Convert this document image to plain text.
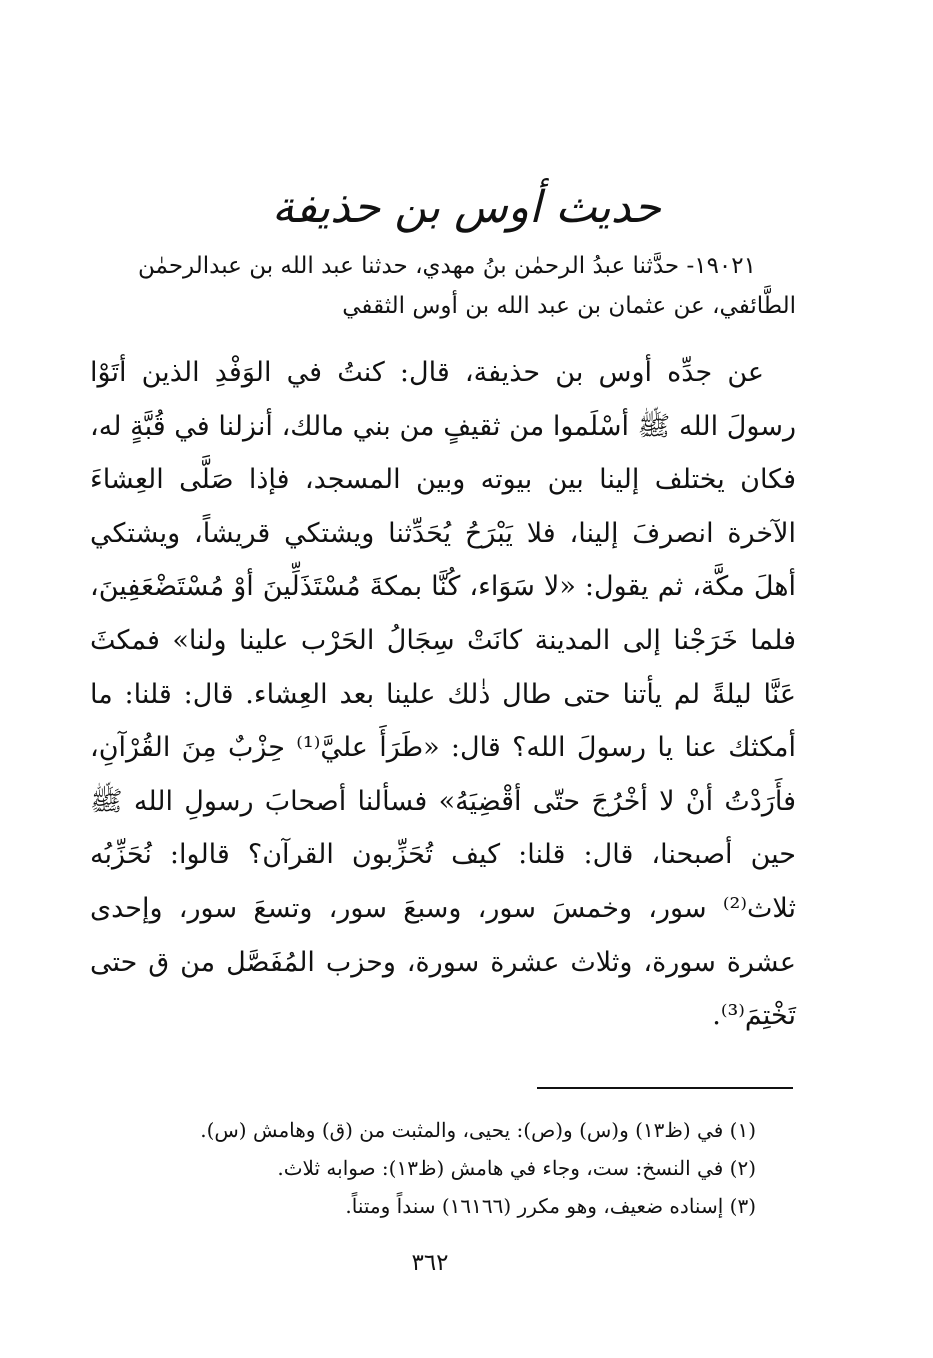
حديث أوس بن حذيفة

١٩٠٢١- حدَّثنا عبدُ الرحمٰن بنُ مهدي، حدثنا عبد الله بن عبدالرحمٰن

الطَّائفي، عن عثمان بن عبد الله بن أوس الثقفي

عن جدِّه أوس بن حذيفة، قال: كنتُ في الوَفْدِ الذين أتَوْا رسولَ الله ﷺ أسْلَموا من ثقيفٍ من بني مالك، أنزلنا في قُبَّةٍ له، فكان يختلف إلينا بين بيوته وبين المسجد، فإذا صَلَّى العِشاءَ الآخرة انصرفَ إلينا، فلا يَبْرَحُ يُحَدِّثنا ويشتكي قريشاً، ويشتكي أهلَ مكَّة، ثم يقول: «لا سَوَاء، كُنَّا بمكةَ مُسْتَذَلِّينَ أوْ مُسْتَضْعَفِينَ، فلما خَرَجْنا إلى المدينة كانَتْ سِجَالُ الحَرْب علينا ولنا» فمكثَ عَنَّا ليلةً لم يأتنا حتى طال ذٰلك علينا بعد العِشاء. قال: قلنا: ما أمكثك عنا يا رسولَ الله؟ قال: «طَرَأَ عليَّ⁽¹⁾ حِزْبٌ مِنَ القُرْآنِ، فأَرَدْتُ أنْ لا أخْرُجَ حتّى أقْضِيَهُ» فسألنا أصحابَ رسولِ الله ﷺ حين أصبحنا، قال: قلنا: كيف تُحَزِّبون القرآن؟ قالوا: نُحَزِّبُه ثلاث⁽²⁾ سور، وخمسَ سور، وسبعَ سور، وتسعَ سور، وإحدى عشرة سورة، وثلاث عشرة سورة، وحزب المُفَصَّل من ق حتى تَخْتِمَ⁽³⁾.

(١) في (ظ١٣) و(س) و(ص): يحيى، والمثبت من (ق) وهامش (س).

(٢) في النسخ: ست، وجاء في هامش (ظ١٣): صوابه ثلاث.

(٣) إسناده ضعيف، وهو مكرر (١٦١٦٦) سنداً ومتناً.

٣٦٢
